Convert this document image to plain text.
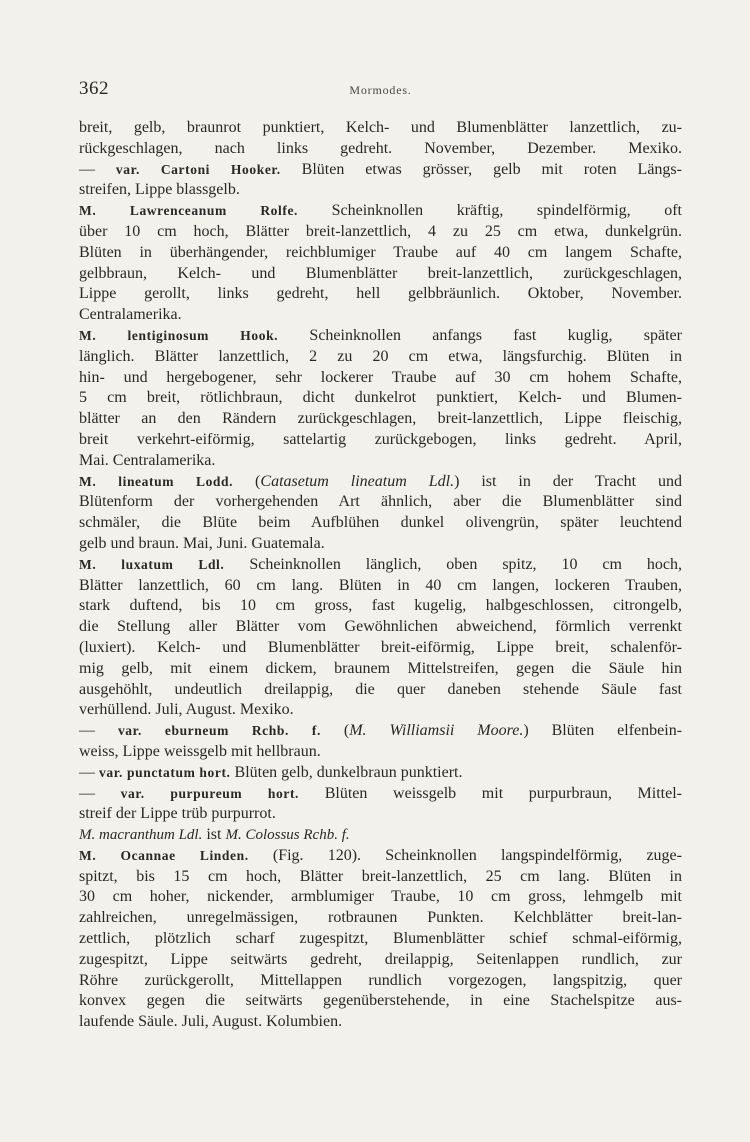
362	Mormodes.
breit, gelb, braunrot punktiert, Kelch- und Blumenblätter lanzettlich, zu-
rückgeschlagen, nach links gedreht. November, Dezember. Mexiko.
— var. Cartoni Hooker. Blüten etwas grösser, gelb mit roten Längs-
streifen, Lippe blassgelb.
M. Lawrenceanum Rolfe. Scheinknollen kräftig, spindelförmig, oft
über 10 cm hoch, Blätter breit-lanzettlich, 4 zu 25 cm etwa, dunkelgrün.
Blüten in überhängender, reichblumiger Traube auf 40 cm langem Schafte,
gelbbraun, Kelch- und Blumenblätter breit-lanzettlich, zurückgeschlagen,
Lippe gerollt, links gedreht, hell gelbbräunlich. Oktober, November.
Centralamerika.
M. lentiginosum Hook. Scheinknollen anfangs fast kuglig, später
länglich. Blätter lanzettlich, 2 zu 20 cm etwa, längsfurchig. Blüten in
hin- und hergebogener, sehr lockerer Traube auf 30 cm hohem Schafte,
5 cm breit, rötlichbraun, dicht dunkelrot punktiert, Kelch- und Blumen-
blätter an den Rändern zurückgeschlagen, breit-lanzettlich, Lippe fleischig,
breit verkehrt-eiförmig, sattelartig zurückgebogen, links gedreht. April,
Mai. Centralamerika.
M. lineatum Lodd. (Catasetum lineatum Ldl.) ist in der Tracht und
Blütenform der vorhergehenden Art ähnlich, aber die Blumenblätter sind
schmäler, die Blüte beim Aufblühen dunkel olivengrün, später leuchtend
gelb und braun. Mai, Juni. Guatemala.
M. luxatum Ldl. Scheinknollen länglich, oben spitz, 10 cm hoch,
Blätter lanzettlich, 60 cm lang. Blüten in 40 cm langen, lockeren Trauben,
stark duftend, bis 10 cm gross, fast kugelig, halbgeschlossen, citrongelb,
die Stellung aller Blätter vom Gewöhnlichen abweichend, förmlich verrenkt
(luxiert). Kelch- und Blumenblätter breit-eiförmig, Lippe breit, schalenför-
mig gelb, mit einem dickem, braunem Mittelstreifen, gegen die Säule hin
ausgehöhlt, undeutlich dreilappig, die quer daneben stehende Säule fast
verhüllend. Juli, August. Mexiko.
— var. eburneum Rchb. f. (M. Williamsii Moore.) Blüten elfenbein-
weiss, Lippe weissgelb mit hellbraun.
— var. punctatum hort. Blüten gelb, dunkelbraun punktiert.
— var. purpureum hort. Blüten weissgelb mit purpurbraun, Mittel-
streif der Lippe trüb purpurrot.
M. macranthum Ldl. ist M. Colossus Rchb. f.
M. Ocannae Linden. (Fig. 120). Scheinknollen langspindelförmig, zuge-
spitzt, bis 15 cm hoch, Blätter breit-lanzettlich, 25 cm lang. Blüten in
30 cm hoher, nickender, armblumiger Traube, 10 cm gross, lehmgelb mit
zahlreichen, unregelmässigen, rotbraunen Punkten. Kelchblätter breit-lan-
zettlich, plötzlich scharf zugespitzt, Blumenblätter schief schmal-eiförmig,
zugespitzt, Lippe seitwärts gedreht, dreilappig, Seitenlappen rundlich, zur
Röhre zurückgerollt, Mittellappen rundlich vorgezogen, langspitzig, quer
konvex gegen die seitwärts gegenüberstehende, in eine Stachelspitze aus-
laufende Säule. Juli, August. Kolumbien.
